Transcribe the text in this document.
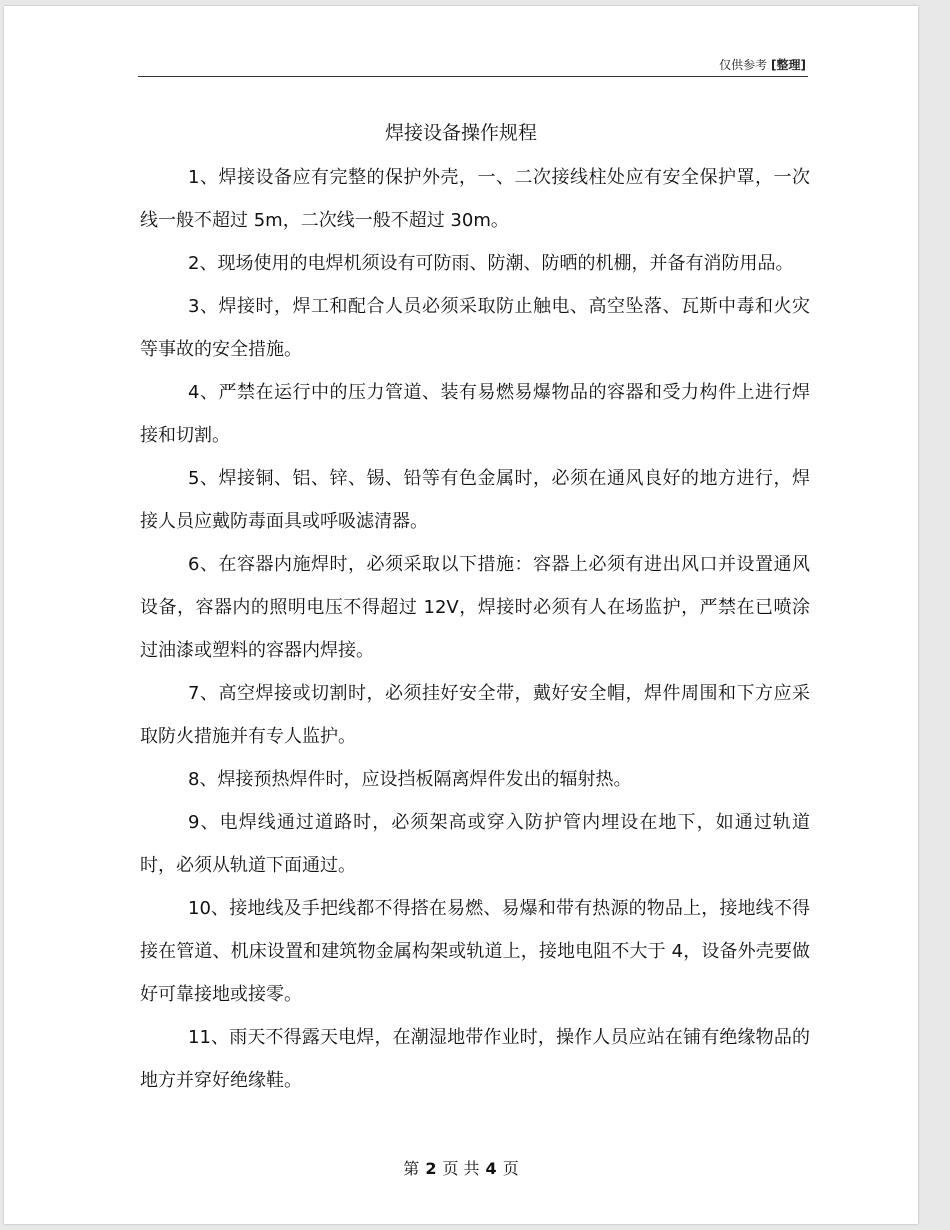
仅供参考 [整理]
焊接设备操作规程

1、焊接设备应有完整的保护外壳，一、二次接线柱处应有安全保护罩，一次线一般不超过 5m，二次线一般不超过 30m。

2、现场使用的电焊机须设有可防雨、防潮、防晒的机棚，并备有消防用品。

3、焊接时，焊工和配合人员必须采取防止触电、高空坠落、瓦斯中毒和火灾等事故的安全措施。

4、严禁在运行中的压力管道、装有易燃易爆物品的容器和受力构件上进行焊接和切割。

5、焊接铜、铝、锌、锡、铅等有色金属时，必须在通风良好的地方进行，焊接人员应戴防毒面具或呼吸滤清器。

6、在容器内施焊时，必须采取以下措施：容器上必须有进出风口并设置通风设备，容器内的照明电压不得超过 12V，焊接时必须有人在场监护，严禁在已喷涂过油漆或塑料的容器内焊接。

7、高空焊接或切割时，必须挂好安全带，戴好安全帽，焊件周围和下方应采取防火措施并有专人监护。

8、焊接预热焊件时，应设挡板隔离焊件发出的辐射热。

9、电焊线通过道路时，必须架高或穿入防护管内埋设在地下，如通过轨道时，必须从轨道下面通过。

10、接地线及手把线都不得搭在易燃、易爆和带有热源的物品上，接地线不得接在管道、机床设置和建筑物金属构架或轨道上，接地电阻不大于 4，设备外壳要做好可靠接地或接零。

11、雨天不得露天电焊，在潮湿地带作业时，操作人员应站在铺有绝缘物品的地方并穿好绝缘鞋。

第 2 页 共 4 页
